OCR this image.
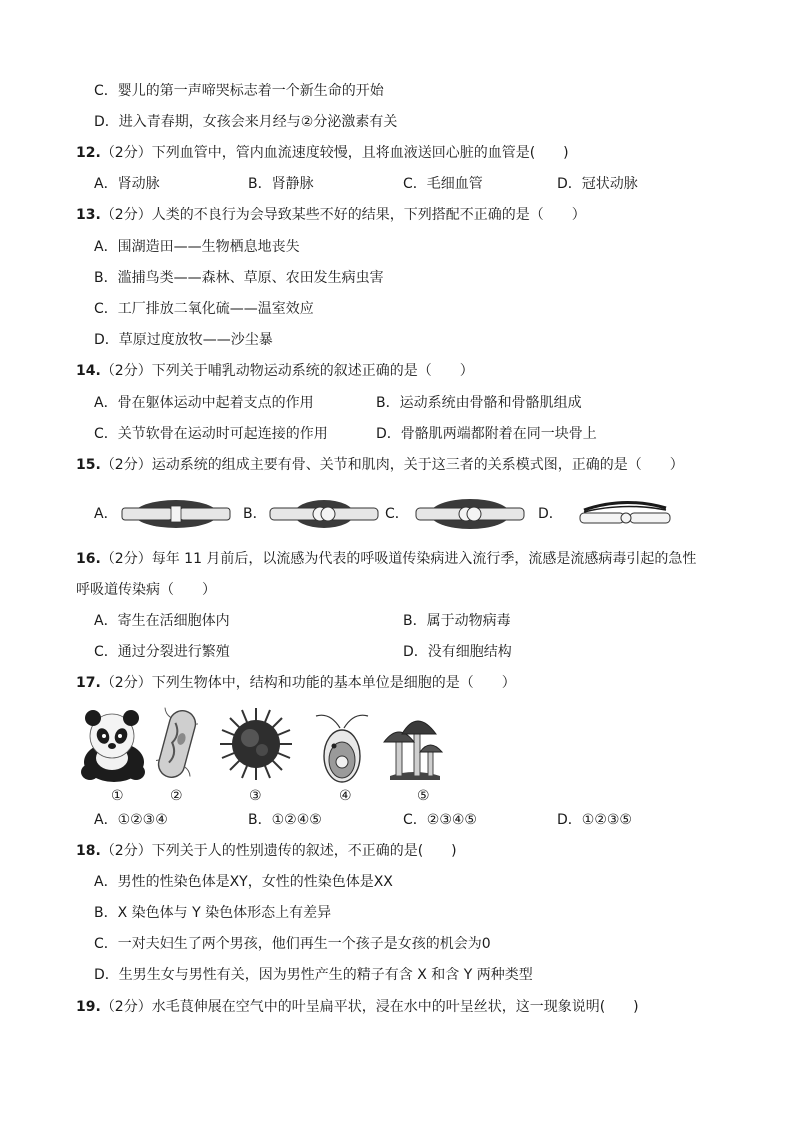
C．婴儿的第一声啼哭标志着一个新生命的开始
D．进入青春期，女孩会来月经与②分泌激素有关
12.（2分）下列血管中，管内血流速度较慢，且将血液送回心脏的血管是(　　)
A．肾动脉	B．肾静脉	C．毛细血管	D．冠状动脉
13.（2分）人类的不良行为会导致某些不好的结果，下列搭配不正确的是（　　）
A．围湖造田——生物栖息地丧失
B．滥捕鸟类——森林、草原、农田发生病虫害
C．工厂排放二氧化硫——温室效应
D．草原过度放牧——沙尘暴
14.（2分）下列关于哺乳动物运动系统的叙述正确的是（　　）
A．骨在躯体运动中起着支点的作用	B．运动系统由骨骼和骨骼肌组成
C．关节软骨在运动时可起连接的作用	D．骨骼肌两端都附着在同一块骨上
15.（2分）运动系统的组成主要有骨、关节和肌肉，关于这三者的关系模式图，正确的是（　　）
A．	B．	C．	D．
16.（2分）每年 11 月前后，以流感为代表的呼吸道传染病进入流行季，流感是流感病毒引起的急性
呼吸道传染病（　　）
A．寄生在活细胞体内	B．属于动物病毒
C．通过分裂进行繁殖	D．没有细胞结构
17.（2分）下列生物体中，结构和功能的基本单位是细胞的是（　　）
①	②	③	④	⑤
A．①②③④	B．①②④⑤	C．②③④⑤	D．①②③⑤
18.（2分）下列关于人的性别遗传的叙述，不正确的是(　　)
A．男性的性染色体是XY，女性的性染色体是XX
B．X 染色体与 Y 染色体形态上有差异
C．一对夫妇生了两个男孩，他们再生一个孩子是女孩的机会为0
D．生男生女与男性有关，因为男性产生的精子有含 X 和含 Y 两种类型
19.（2分）水毛茛伸展在空气中的叶呈扁平状，浸在水中的叶呈丝状，这一现象说明(　　)
